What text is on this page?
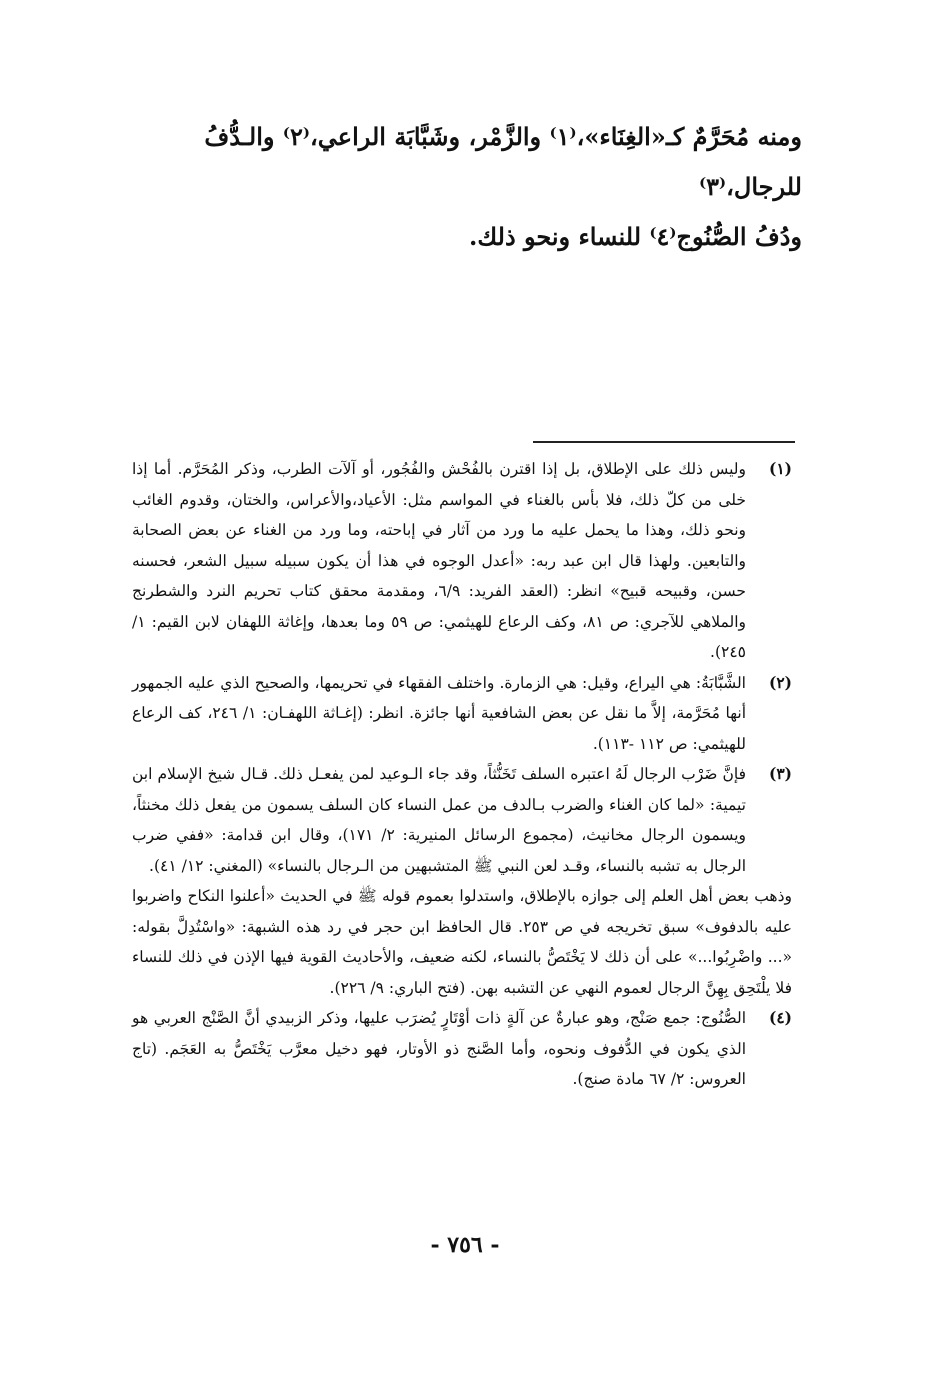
ومنه مُحَرَّمٌ كـ«الغِنَاء»،⁽١⁾ والزَّمْر، وشَبَّابَة الراعي،⁽٢⁾ والـدُّفُ للرجال،⁽٣⁾

ودُفُ الصُّنُوج⁽٤⁾ للنساء ونحو ذلك.

(١)
وليس ذلك على الإطلاق، بل إذا اقترن بالفُحْش والفُجُور، أو آلآت الطرب، وذكر المُحَرَّم. أما إذا خلى من كلّ ذلك، فلا بأس بالغناء في المواسم مثل: الأعياد،والأعراس، والختان، وقدوم الغائب ونحو ذلك، وهذا ما يحمل عليه ما ورد من آثار في إباحته، وما ورد من الغناء عن بعض الصحابة والتابعين. ولهذا قال ابن عبد ربه: «أعدل الوجوه في هذا أن يكون سبيله سبيل الشعر، فحسنه حسن، وقبيحه قبيح» انظر: (العقد الفريد: ٦/٩، ومقدمة محقق كتاب تحريم النرد والشطرنج والملاهي للآجري: ص ٨١، وكف الرعاع للهيثمي: ص ٥٩ وما بعدها، وإغاثة اللهفان لابن القيم: ١/ ٢٤٥).
(٢)
الشَّبَّابَةُ: هي اليراع، وقيل: هي الزمارة. واختلف الفقهاء في تحريمها، والصحيح الذي عليه الجمهور أنها مُحَرَّمة، إلاَّ ما نقل عن بعض الشافعية أنها جائزة. انظر: (إغـاثة اللهفـان: ١/ ٢٤٦، كف الرعاع للهيثمي: ص ١١٢ -١١٣).
(٣)
فإنَّ ضَرْب الرجال لَهُ اعتبره السلف تَخَنُّثاً، وقد جاء الـوعيد لمن يفعـل ذلك. قـال شيخ الإسلام ابن تيمية: «لما كان الغناء والضرب بـالدف من عمل النساء كان السلف يسمون من يفعل ذلك مخنثاً، ويسمون الرجال مخانيث، (مجموع الرسائل المنيرية: ٢/ ١٧١)، وقال ابن قدامة: «ففي ضرب الرجال به تشبه بالنساء، وقـد لعن النبي ﷺ المتشبهين من الـرجال بالنساء» (المغني: ١٢/ ٤١).

وذهب بعض أهل العلم إلى جوازه بالإطلاق، واستدلوا بعموم قوله ﷺ في الحديث «أعلنوا النكاح واضربوا عليه بالدفوف» سبق تخريجه في ص ٢٥٣. قال الحافظ ابن حجر في رد هذه الشبهة: «واسْتُدِلَّ بقوله: «... واضْرِبُوا...» على أن ذلك لا يَخْتَصُّ بالنساء، لكنه ضعيف، والأحاديث القوية فيها الإذن في ذلك للنساء فلا يلْتَحِق بِهِنَّ الرجال لعموم النهي عن التشبه بهن. (فتح الباري: ٩/ ٢٢٦).

(٤)
الصُّنُوج: جمع صَنْج، وهو عبارةٌ عن آلةٍ ذات أوْتَارٍ يُضرَب عليها، وذكر الزبيدي أنَّ الصَّنْج العربي هو الذي يكون في الدُّفوف ونحوه، وأما الصَّنج ذو الأوتار، فهو دخيل معرَّب يَخْتَصُّ به العَجَم. (تاج العروس: ٢/ ٦٧ مادة صنج).
- ٧٥٦ -
